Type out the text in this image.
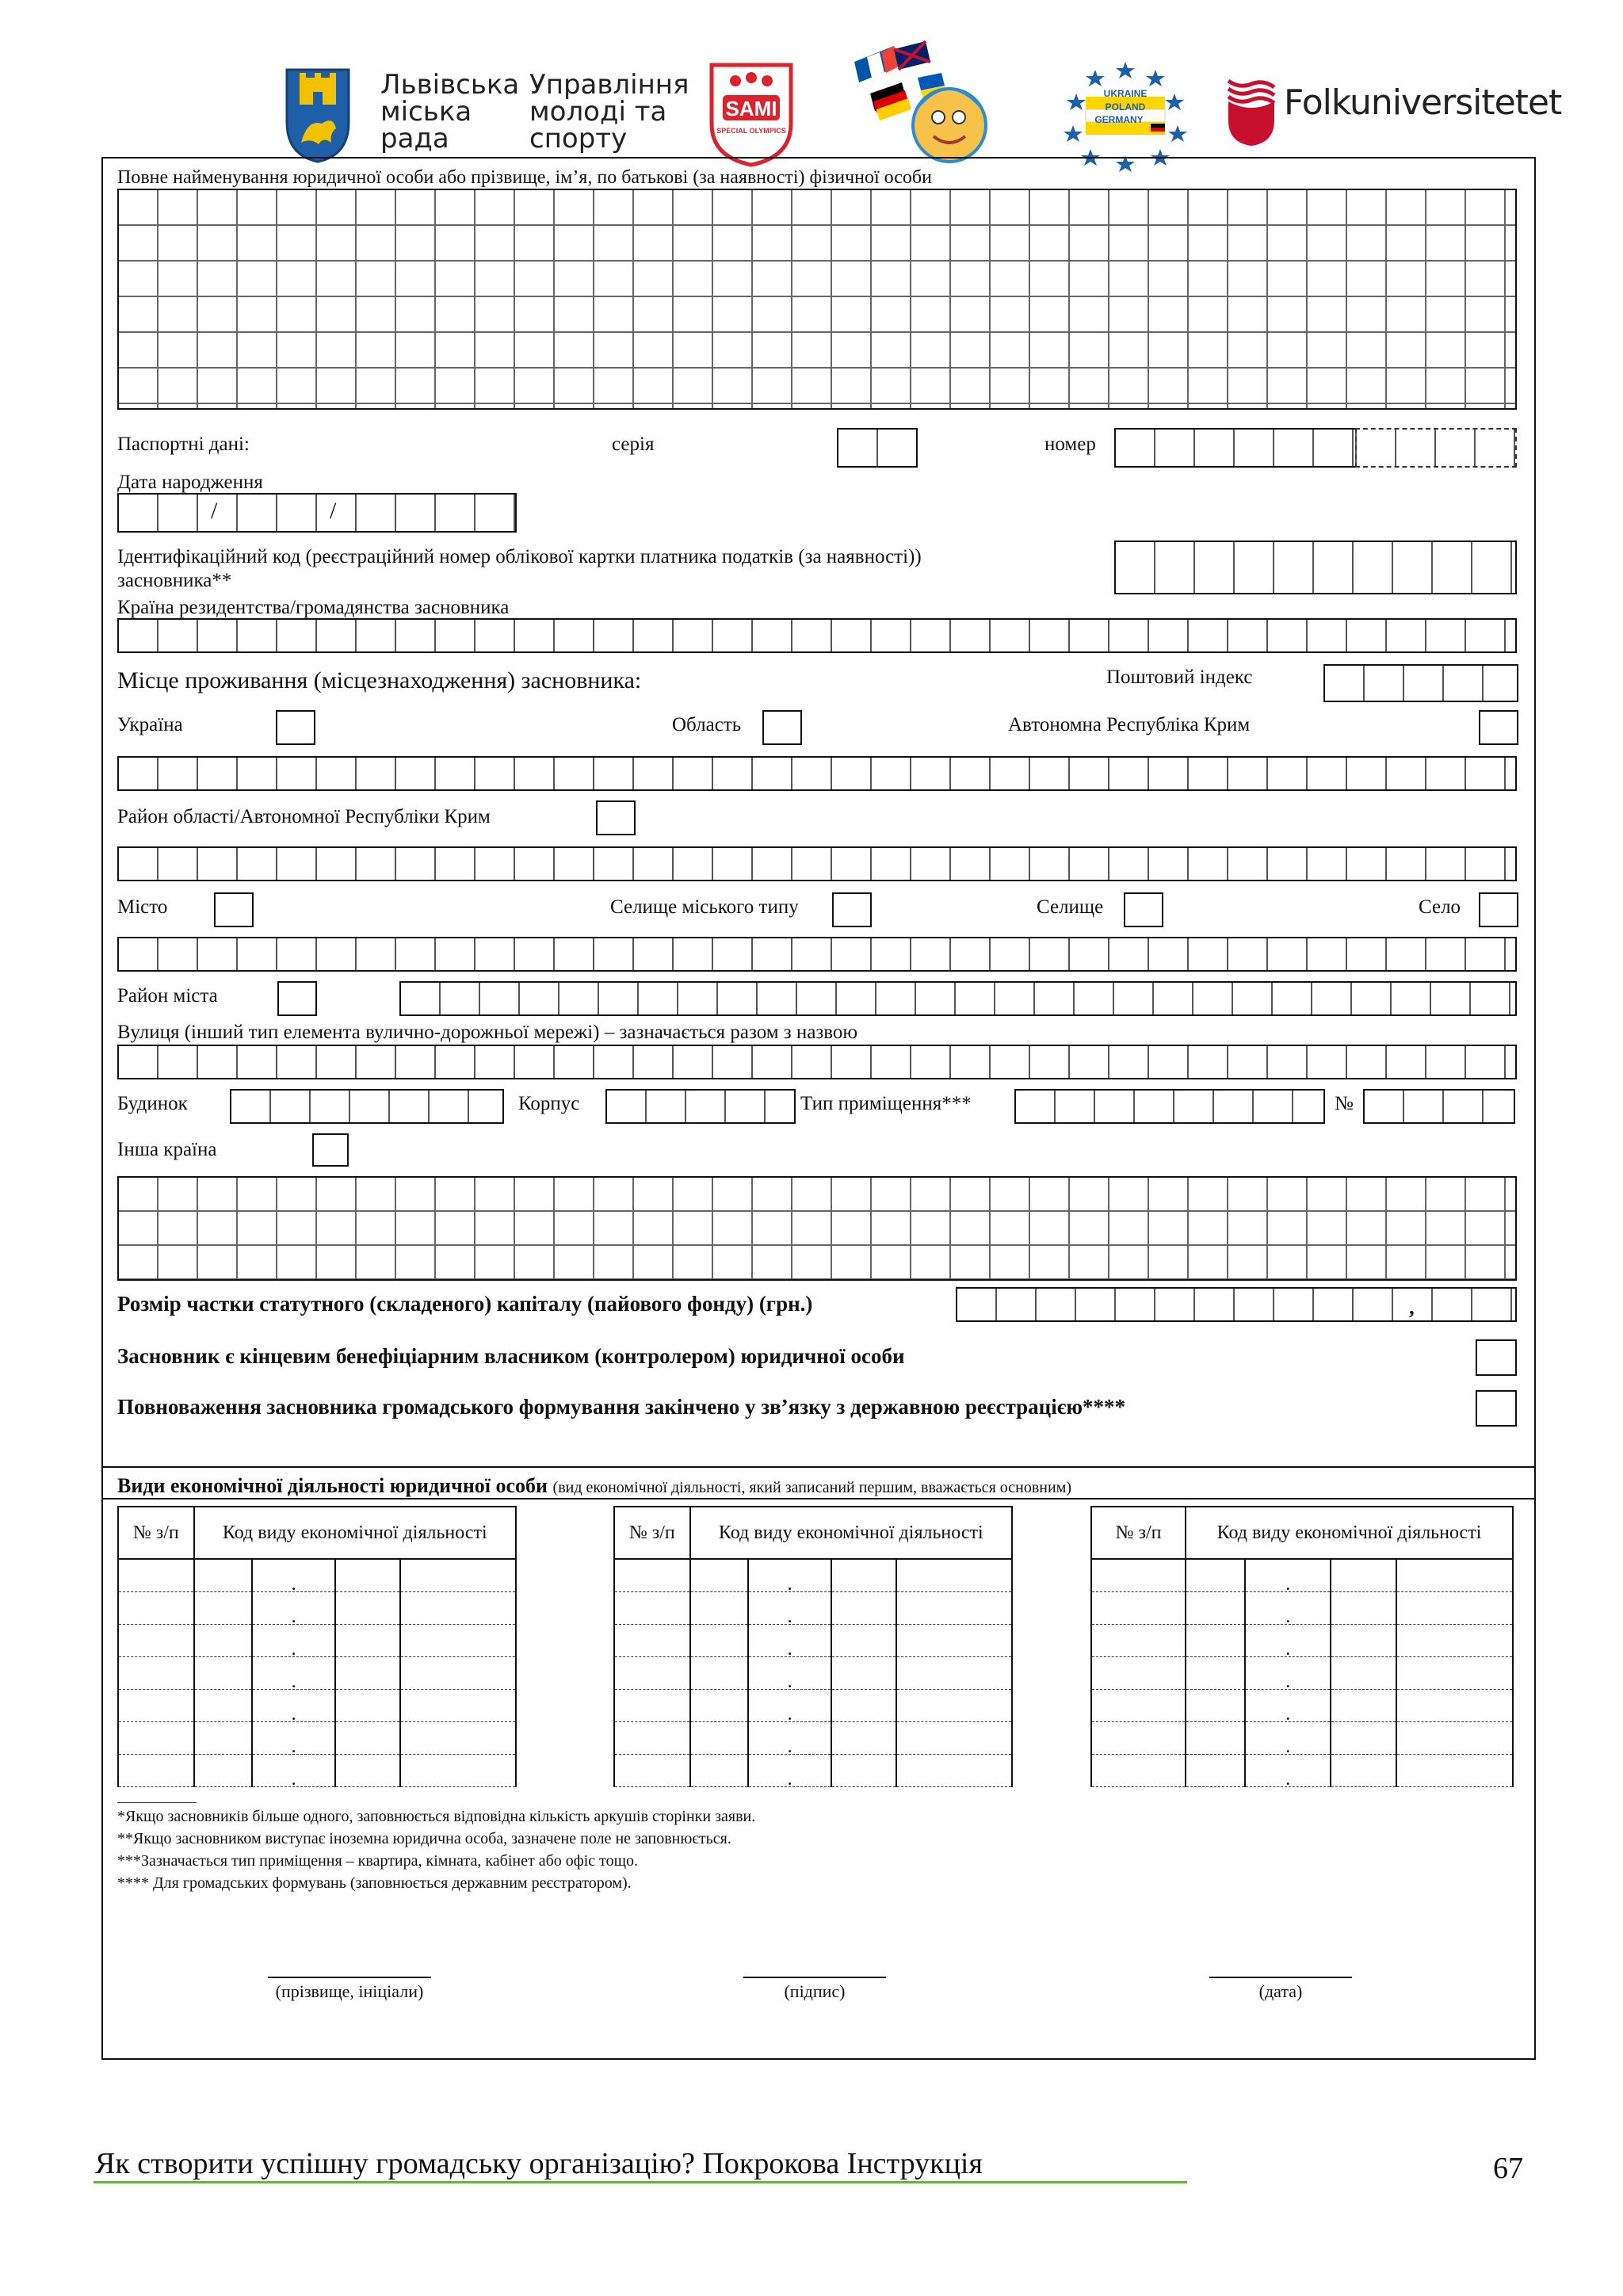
Львівська
міська
рада
Управління
молоді та
спорту
SAMI
SPECIAL OLYMPICS
UKRAINE
POLAND
GERMANY	Folkuniversitetet
Повне найменування юридичної особи або прізвище, ім’я, по батькові (за наявності) фізичної особи
Паспортні дані:	серія	номер
Дата народження
/	/
Ідентифікаційний код (реєстраційний номер облікової картки платника податків (за наявності))
засновника**
Країна резидентства/громадянства засновника
Місце проживання (місцезнаходження) засновника:	Поштовий індекс
Україна	Область	Автономна Республіка Крим
Район області/Автономної Республіки Крим
Місто	Селище міського типу	Селище	Село
Район міста
Вулиця (інший тип елемента вулично-дорожньої мережі) – зазначається разом з назвою
Будинок	Корпус	Тип приміщення***	№
Інша країна
Розмір частки статутного (складеного) капіталу (пайового фонду) (грн.)	,
Засновник є кінцевим бенефіціарним власником (контролером) юридичної особи
Повноваження засновника громадського формування закінчено у зв’язку з державною реєстрацією****
Види економічної діяльності юридичної особи (вид економічної діяльності, який записаний першим, вважається основним)
№ з/п	Код виду економічної діяльності			
		.		
		.		
		.		
		.		
		.		
		.		
		.		
№ з/п	Код виду економічної діяльності			
		.		
		.		
		.		
		.		
		.		
		.		
		.		
№ з/п	Код виду економічної діяльності			
		.		
		.		
		.		
		.		
		.		
		.		
		.		
*Якщо засновників більше одного, заповнюється відповідна кількість аркушів сторінки заяви.
**Якщо засновником виступає іноземна юридична особа, зазначене поле не заповнюється.
***Зазначається тип приміщення – квартира, кімната, кабінет або офіс тощо.
**** Для громадських формувань (заповнюється державним реєстратором).
(прізвище, ініціали)	(підпис)	(дата)
Як створити успішну громадську організацію? Покрокова Інструкція	67
